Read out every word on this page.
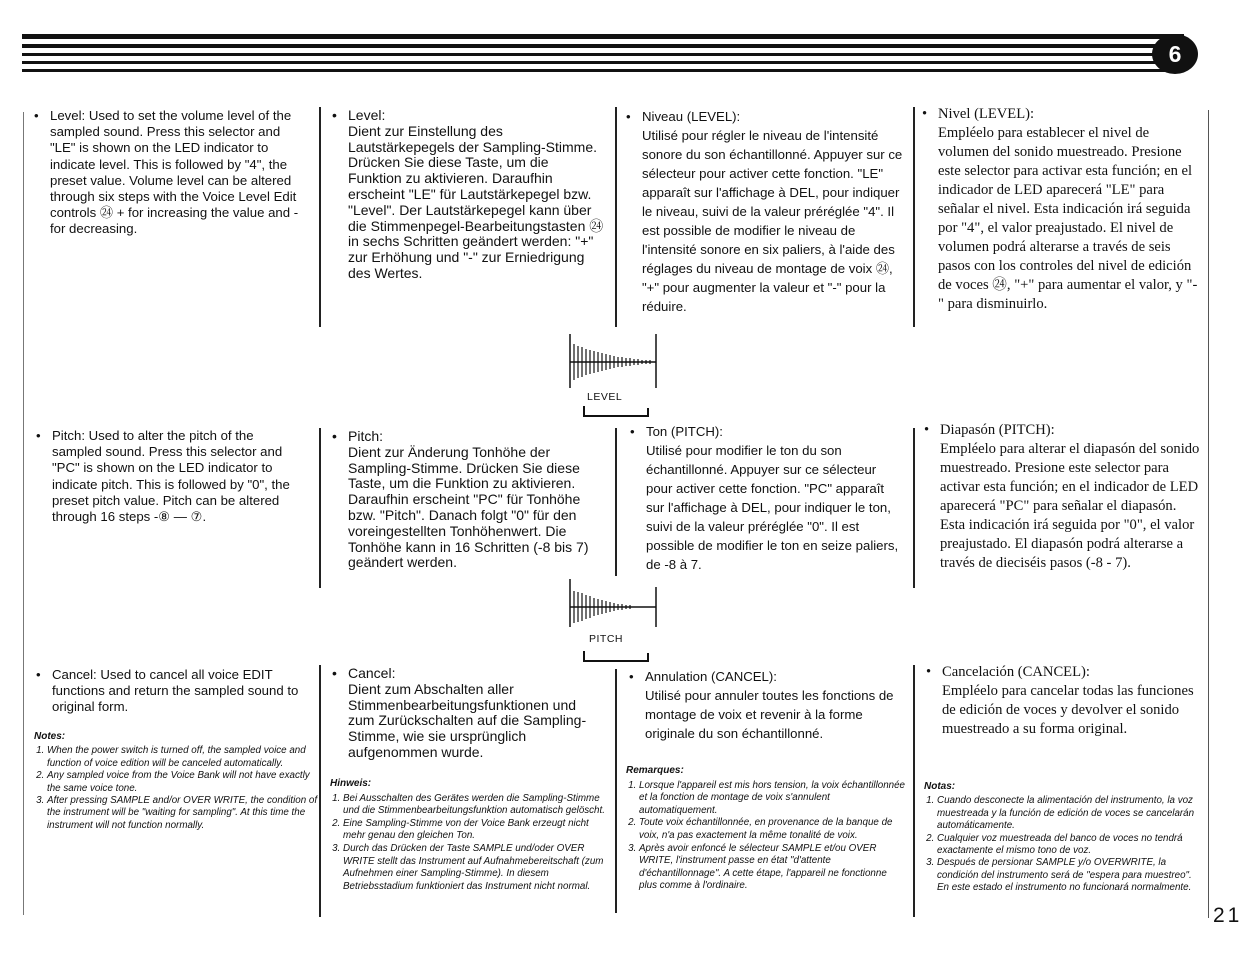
6
• Level: Used to set the volume level of the sampled sound. Press this selector and "LE" is shown on the LED indicator to indicate level. This is followed by "4", the preset value. Volume level can be altered through six steps with the Voice Level Edit controls ㉔ + for increasing the value and - for decreasing.
• Level:
Dient zur Einstellung des Lautstärkepegels der Sampling-Stimme. Drücken Sie diese Taste, um die Funktion zu aktivieren. Daraufhin erscheint "LE" für Lautstärkepegel bzw. "Level". Der Lautstärkepegel kann über die Stimmenpegel-Bearbeitungstasten ㉔ in sechs Schritten geändert werden: "+" zur Erhöhung und "-" zur Erniedrigung des Wertes.
• Niveau (LEVEL):
Utilisé pour régler le niveau de l'intensité sonore du son échantillonné. Appuyer sur ce sélecteur pour activer cette fonction. "LE" apparaît sur l'affichage à DEL, pour indiquer le niveau, suivi de la valeur préréglée "4". Il est possible de modifier le niveau de l'intensité sonore en six paliers, à l'aide des réglages du niveau de montage de voix ㉔, "+" pour augmenter la valeur et "-" pour la réduire.
• Nivel (LEVEL):
Empléelo para establecer el nivel de volumen del sonido muestreado. Presione este selector para activar esta función; en el indicador de LED aparecerá "LE" para señalar el nivel. Esta indicación irá seguida por "4", el valor preajustado. El nivel de volumen podrá alterarse a través de seis pasos con los controles del nivel de edición de voces ㉔, "+" para aumentar el valor, y "-" para disminuirlo.
LEVEL
• Pitch: Used to alter the pitch of the sampled sound. Press this selector and "PC" is shown on the LED indicator to indicate pitch. This is followed by "0", the preset pitch value. Pitch can be altered through 16 steps -⑧ — ⑦.
• Pitch:
Dient zur Änderung Tonhöhe der Sampling-Stimme. Drücken Sie diese Taste, um die Funktion zu aktivieren. Daraufhin erscheint "PC" für Tonhöhe bzw. "Pitch". Danach folgt "0" für den voreingestellten Tonhöhenwert. Die Tonhöhe kann in 16 Schritten (-8 bis 7) geändert werden.
• Ton (PITCH):
Utilisé pour modifier le ton du son échantillonné. Appuyer sur ce sélecteur pour activer cette fonction. "PC" apparaît sur l'affichage à DEL, pour indiquer le ton, suivi de la valeur préréglée "0". Il est possible de modifier le ton en seize paliers, de -8 à 7.
• Diapasón (PITCH):
Empléelo para alterar el diapasón del sonido muestreado. Presione este selector para activar esta función; en el indicador de LED aparecerá "PC" para señalar el diapasón. Esta indicación irá seguida por "0", el valor preajustado. El diapasón podrá alterarse a través de dieciséis pasos (-8 - 7).
PITCH
• Cancel: Used to cancel all voice EDIT functions and return the sampled sound to original form.
• Cancel:
Dient zum Abschalten aller Stimmenbearbeitungsfunktionen und zum Zurückschalten auf die Sampling-Stimme, wie sie ursprünglich aufgenommen wurde.
• Annulation (CANCEL):
Utilisé pour annuler toutes les fonctions de montage de voix et revenir à la forme originale du son échantillonné.
• Cancelación (CANCEL):
Empléelo para cancelar todas las funciones de edición de voces y devolver el sonido muestreado a su forma original.
Notes:
1. When the power switch is turned off, the sampled voice and function of voice edition will be canceled automatically.
2. Any sampled voice from the Voice Bank will not have exactly the same voice tone.
3. After pressing SAMPLE and/or OVER WRITE, the condition of the instrument will be "waiting for sampling". At this time the instrument will not function normally.
Hinweis:
1. Bei Ausschalten des Gerätes werden die Sampling-Stimme und die Stimmenbearbeitungsfunktion automatisch gelöscht.
2. Eine Sampling-Stimme von der Voice Bank erzeugt nicht mehr genau den gleichen Ton.
3. Durch das Drücken der Taste SAMPLE und/oder OVER WRITE stellt das Instrument auf Aufnahmebereitschaft (zum Aufnehmen einer Sampling-Stimme). In diesem Betriebsstadium funktioniert das Instrument nicht normal.
Remarques:
1. Lorsque l'appareil est mis hors tension, la voix échantillonnée et la fonction de montage de voix s'annulent automatiquement.
2. Toute voix échantillonnée, en provenance de la banque de voix, n'a pas exactement la même tonalité de voix.
3. Après avoir enfoncé le sélecteur SAMPLE et/ou OVER WRITE, l'instrument passe en état "d'attente d'échantillonnage". A cette étape, l'appareil ne fonctionne plus comme à l'ordinaire.
Notas:
1. Cuando desconecte la alimentación del instrumento, la voz muestreada y la función de edición de voces se cancelarán automáticamente.
2. Cualquier voz muestreada del banco de voces no tendrá exactamente el mismo tono de voz.
3. Después de persionar SAMPLE y/o OVERWRITE, la condición del instrumento será de "espera para muestreo". En este estado el instrumento no funcionará normalmente.
21
